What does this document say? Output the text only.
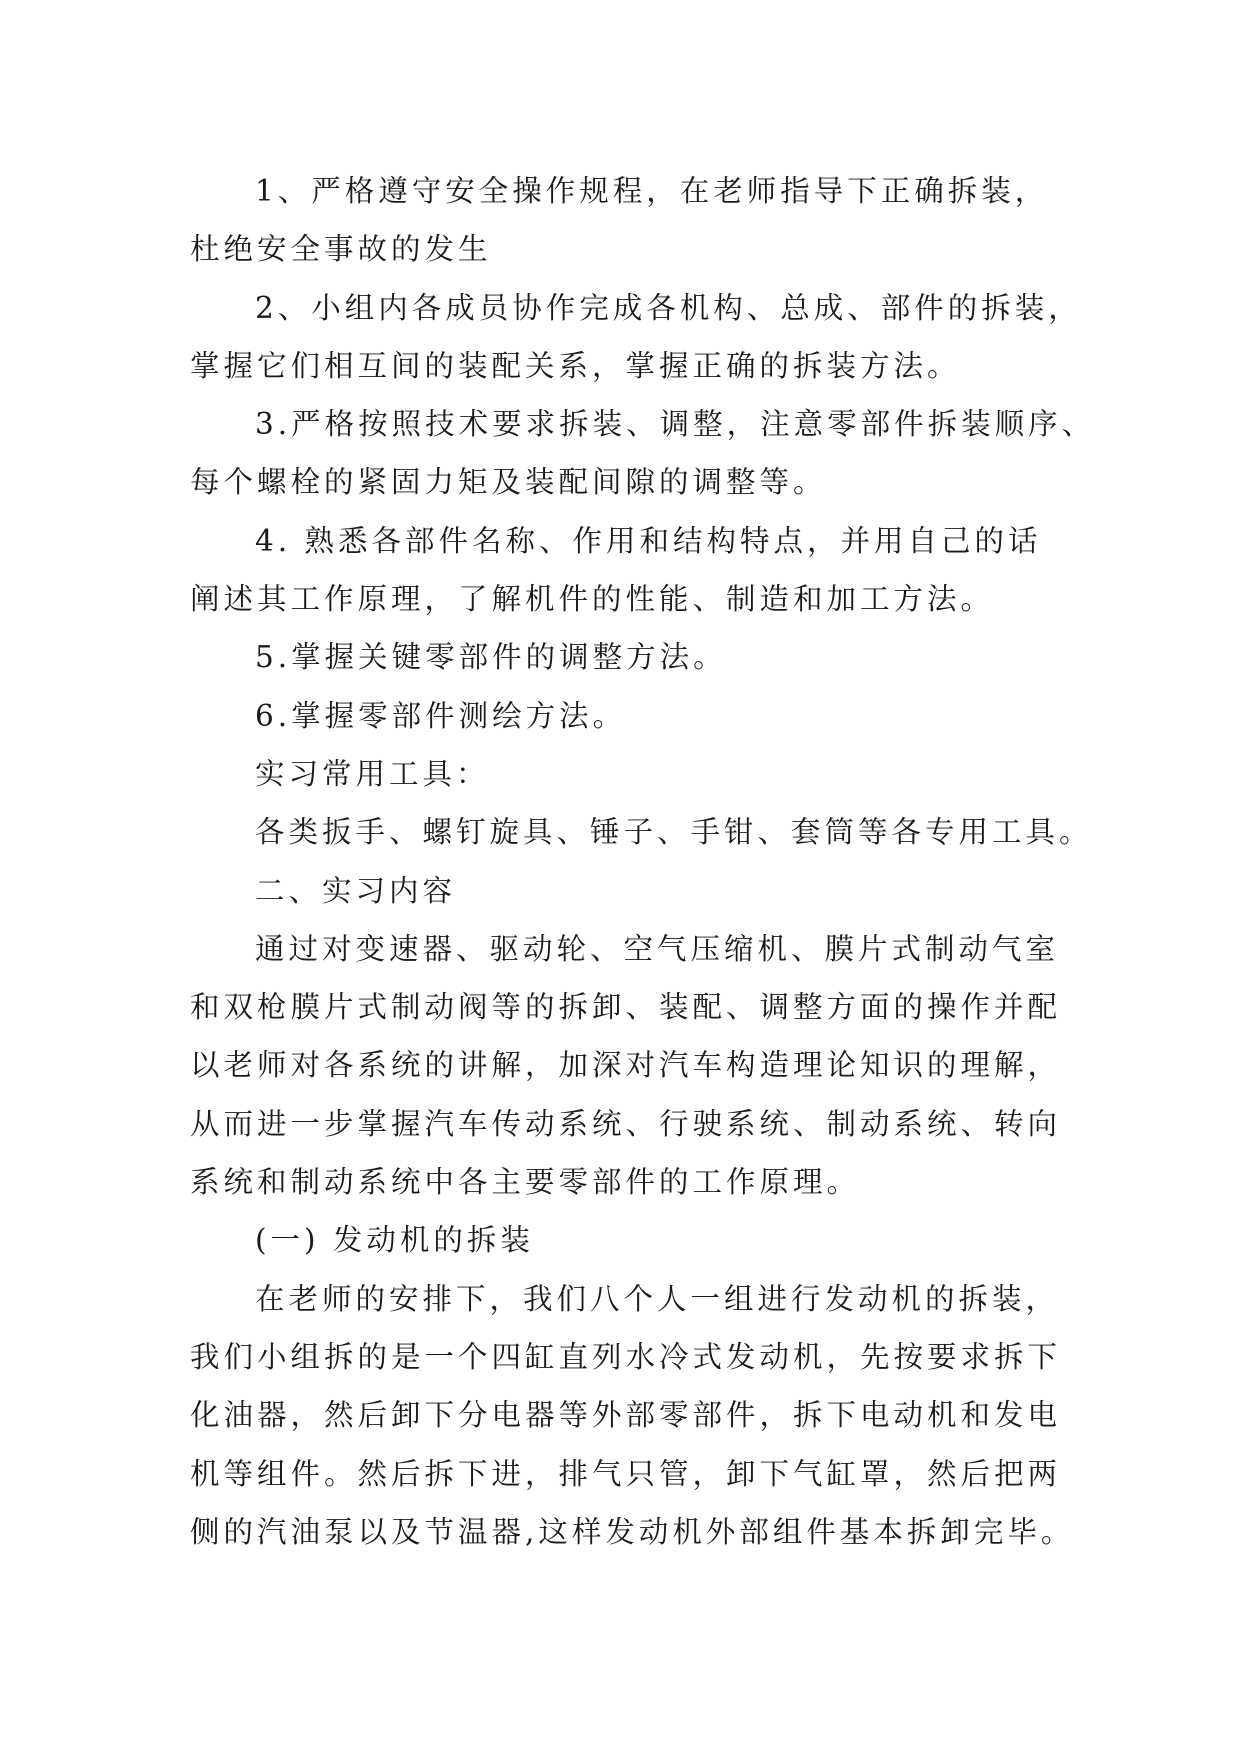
1、严格遵守安全操作规程，在老师指导下正确拆装，
杜绝安全事故的发生
2、小组内各成员协作完成各机构、总成、部件的拆装，
掌握它们相互间的装配关系，掌握正确的拆装方法。
3.严格按照技术要求拆装、调整，注意零部件拆装顺序、
每个螺栓的紧固力矩及装配间隙的调整等。
4. 熟悉各部件名称、作用和结构特点，并用自己的话
阐述其工作原理，了解机件的性能、制造和加工方法。
5.掌握关键零部件的调整方法。
6.掌握零部件测绘方法。
实习常用工具：
各类扳手、螺钉旋具、锤子、手钳、套筒等各专用工具。
二、实习内容
通过对变速器、驱动轮、空气压缩机、膜片式制动气室
和双枪膜片式制动阀等的拆卸、装配、调整方面的操作并配
以老师对各系统的讲解，加深对汽车构造理论知识的理解，
从而进一步掌握汽车传动系统、行驶系统、制动系统、转向
系统和制动系统中各主要零部件的工作原理。
(一) 发动机的拆装
在老师的安排下，我们八个人一组进行发动机的拆装，
我们小组拆的是一个四缸直列水冷式发动机，先按要求拆下
化油器，然后卸下分电器等外部零部件，拆下电动机和发电
机等组件。然后拆下进，排气只管，卸下气缸罩，然后把两
侧的汽油泵以及节温器,这样发动机外部组件基本拆卸完毕。
